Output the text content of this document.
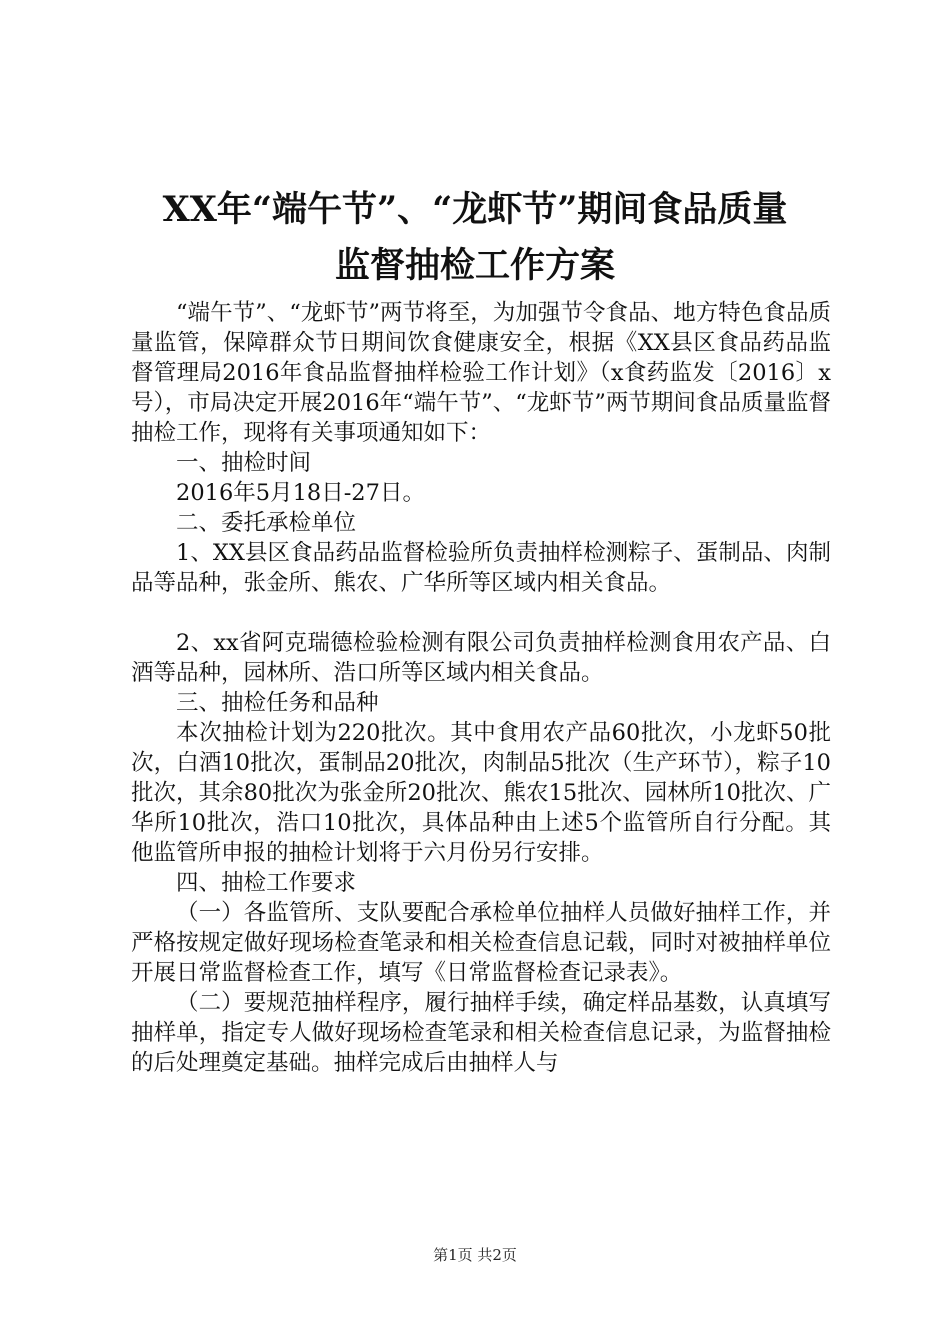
XX年“端午节”、“龙虾节”期间食品质量
监督抽检工作方案

“端午节”、“龙虾节”两节将至，为加强节令食品、地方特色食品质量监管，保障群众节日期间饮食健康安全，根据《XX县区食品药品监督管理局2016年食品监督抽样检验工作计划》（x食药监发〔2016〕x号），市局决定开展2016年“端午节”、“龙虾节”两节期间食品质量监督抽检工作，现将有关事项通知如下：

一、抽检时间

2016年5月18日-27日。

二、委托承检单位

1、XX县区食品药品监督检验所负责抽样检测粽子、蛋制品、肉制品等品种，张金所、熊农、广华所等区域内相关食品。

2、xx省阿克瑞德检验检测有限公司负责抽样检测食用农产品、白酒等品种，园林所、浩口所等区域内相关食品。

三、抽检任务和品种

本次抽检计划为220批次。其中食用农产品60批次，小龙虾50批次，白酒10批次，蛋制品20批次，肉制品5批次（生产环节），粽子10批次，其余80批次为张金所20批次、熊农15批次、园林所10批次、广华所10批次，浩口10批次，具体品种由上述5个监管所自行分配。其他监管所申报的抽检计划将于六月份另行安排。

四、抽检工作要求

（一）各监管所、支队要配合承检单位抽样人员做好抽样工作，并严格按规定做好现场检查笔录和相关检查信息记载，同时对被抽样单位开展日常监督检查工作，填写《日常监督检查记录表》。

（二）要规范抽样程序，履行抽样手续，确定样品基数，认真填写抽样单，指定专人做好现场检查笔录和相关检查信息记录，为监督抽检的后处理奠定基础。抽样完成后由抽样人与

第1页 共2页
